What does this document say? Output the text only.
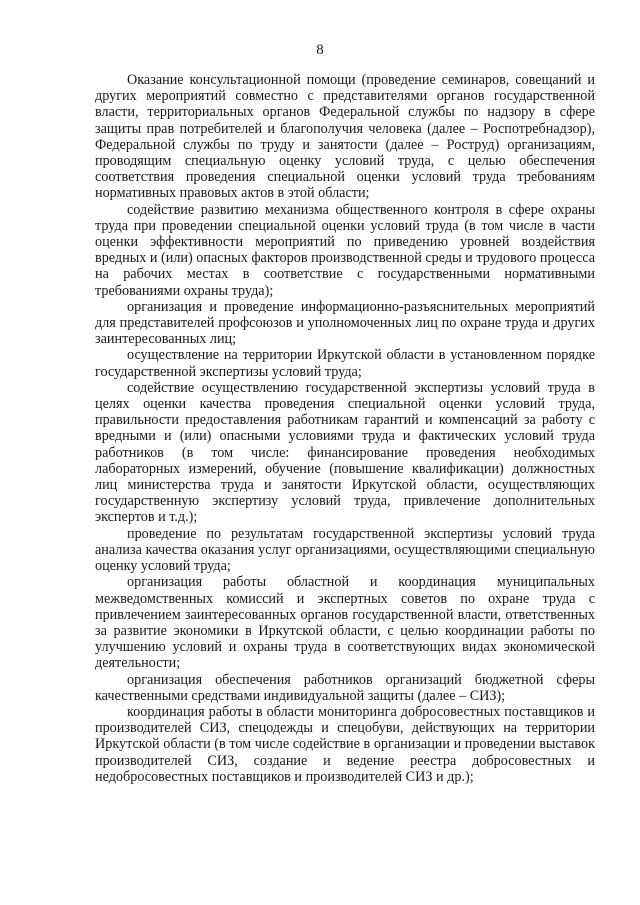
8

Оказание консультационной помощи (проведение семинаров, совещаний и других мероприятий совместно с представителями органов государственной власти, территориальных органов Федеральной службы по надзору в сфере защиты прав потребителей и благополучия человека (далее – Роспотребнадзор), Федеральной службы по труду и занятости (далее – Роструд) организациям, проводящим специальную оценку условий труда, с целью обеспечения соответствия проведения специальной оценки условий труда требованиям нормативных правовых актов в этой области;

содействие развитию механизма общественного контроля в сфере охраны труда при проведении специальной оценки условий труда (в том числе в части оценки эффективности мероприятий по приведению уровней воздействия вредных и (или) опасных факторов производственной среды и трудового процесса на рабочих местах в соответствие с государственными нормативными требованиями охраны труда);

организация и проведение информационно-разъяснительных мероприятий для представителей профсоюзов и уполномоченных лиц по охране труда и других заинтересованных лиц;

осуществление на территории Иркутской области в установленном порядке государственной экспертизы условий труда;

содействие осуществлению государственной экспертизы условий труда в целях оценки качества проведения специальной оценки условий труда, правильности предоставления работникам гарантий и компенсаций за работу с вредными и (или) опасными условиями труда и фактических условий труда работников (в том числе: финансирование проведения необходимых лабораторных измерений, обучение (повышение квалификации) должностных лиц министерства труда и занятости Иркутской области, осуществляющих государственную экспертизу условий труда, привлечение дополнительных экспертов и т.д.);

проведение по результатам государственной экспертизы условий труда анализа качества оказания услуг организациями, осуществляющими специальную оценку условий труда;

организация работы областной и координация муниципальных межведомственных комиссий и экспертных советов по охране труда с привлечением заинтересованных органов государственной власти, ответственных за развитие экономики в Иркутской области, с целью координации работы по улучшению условий и охраны труда в соответствующих видах экономической деятельности;

организация обеспечения работников организаций бюджетной сферы качественными средствами индивидуальной защиты (далее – СИЗ);

координация работы в области мониторинга добросовестных поставщиков и производителей СИЗ, спецодежды и спецобуви, действующих на территории Иркутской области (в том числе содействие в организации и проведении выставок производителей СИЗ, создание и ведение реестра добросовестных и недобросовестных поставщиков и производителей СИЗ и др.);
